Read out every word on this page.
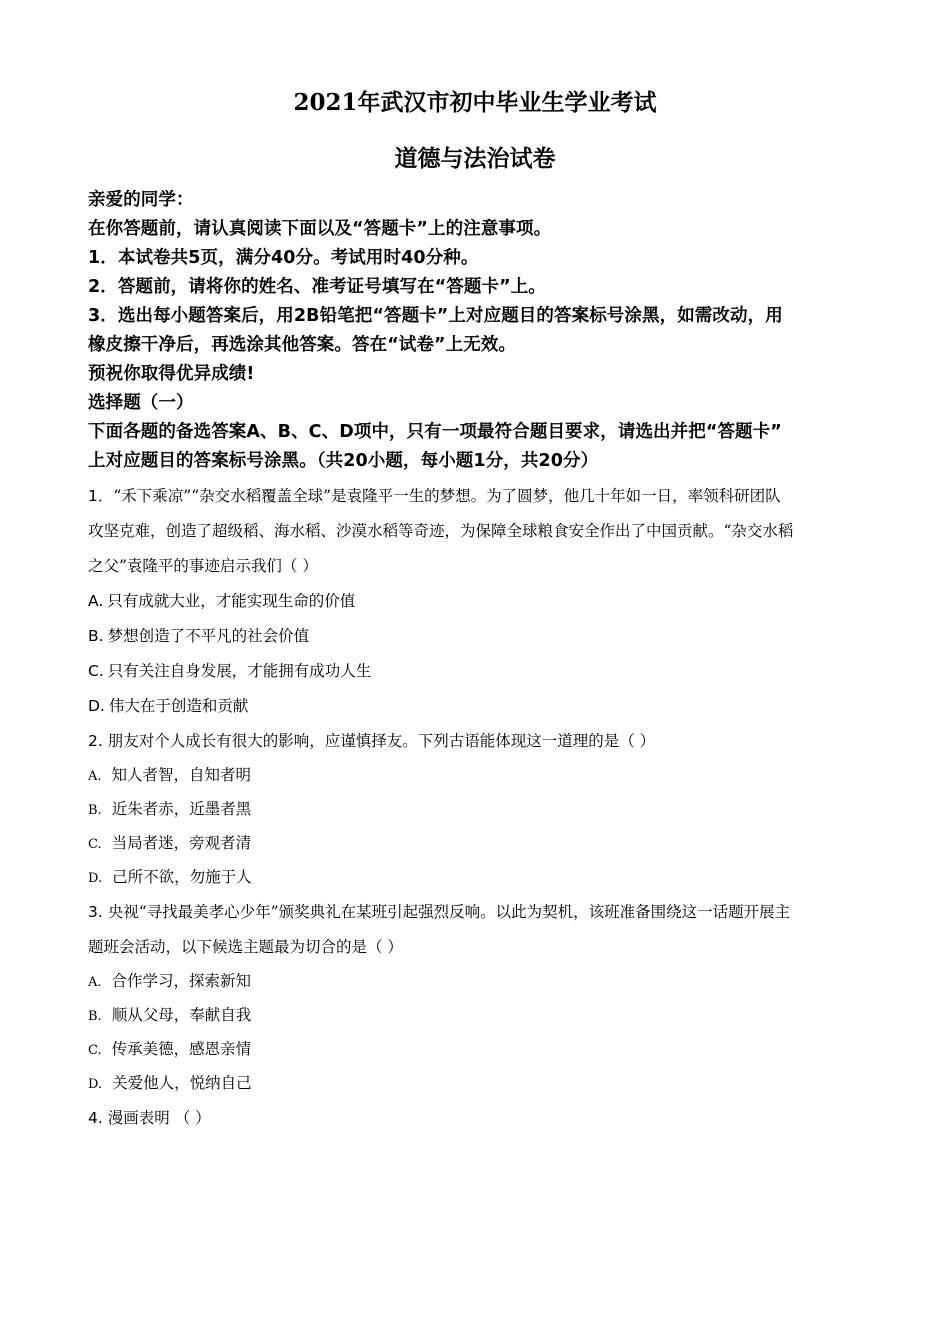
2021年武汉市初中毕业生学业考试

道德与法治试卷

亲爱的同学：

在你答题前，请认真阅读下面以及“答题卡”上的注意事项。

1．本试卷共5页，满分40分。考试用时40分种。

2．答题前，请将你的姓名、准考证号填写在“答题卡”上。

3．选出每小题答案后，用2B铅笔把“答题卡”上对应题目的答案标号涂黑，如需改动，用

橡皮擦干净后，再选涂其他答案。答在“试卷”上无效。

预祝你取得优异成绩!

选择题（一）

下面各题的备选答案A、B、C、D项中，只有一项最符合题目要求，请选出并把“答题卡”

上对应题目的答案标号涂黑。（共20小题，每小题1分，共20分）

1．“禾下乘凉”“杂交水稻覆盖全球”是袁隆平一生的梦想。为了圆梦，他几十年如一日，率领科研团队

攻坚克难，创造了超级稻、海水稻、沙漠水稻等奇迹，为保障全球粮食安全作出了中国贡献。“杂交水稻

之父”袁隆平的事迹启示我们（ ）

A. 只有成就大业，才能实现生命的价值
B. 梦想创造了不平凡的社会价值
C. 只有关注自身发展，才能拥有成功人生
D. 伟大在于创造和贡献

2. 朋友对个人成长有很大的影响，应谨慎择友。下列古语能体现这一道理的是（ ）

A. 知人者智，自知者明
B. 近朱者赤，近墨者黑
C. 当局者迷，旁观者清
D. 己所不欲，勿施于人

3. 央视“寻找最美孝心少年”颁奖典礼在某班引起强烈反响。以此为契机，该班准备围绕这一话题开展主

题班会活动，以下候选主题最为切合的是（ ）

A. 合作学习，探索新知
B. 顺从父母，奉献自我
C. 传承美德，感恩亲情
D. 关爱他人，悦纳自己

4. 漫画表明 （ ）
